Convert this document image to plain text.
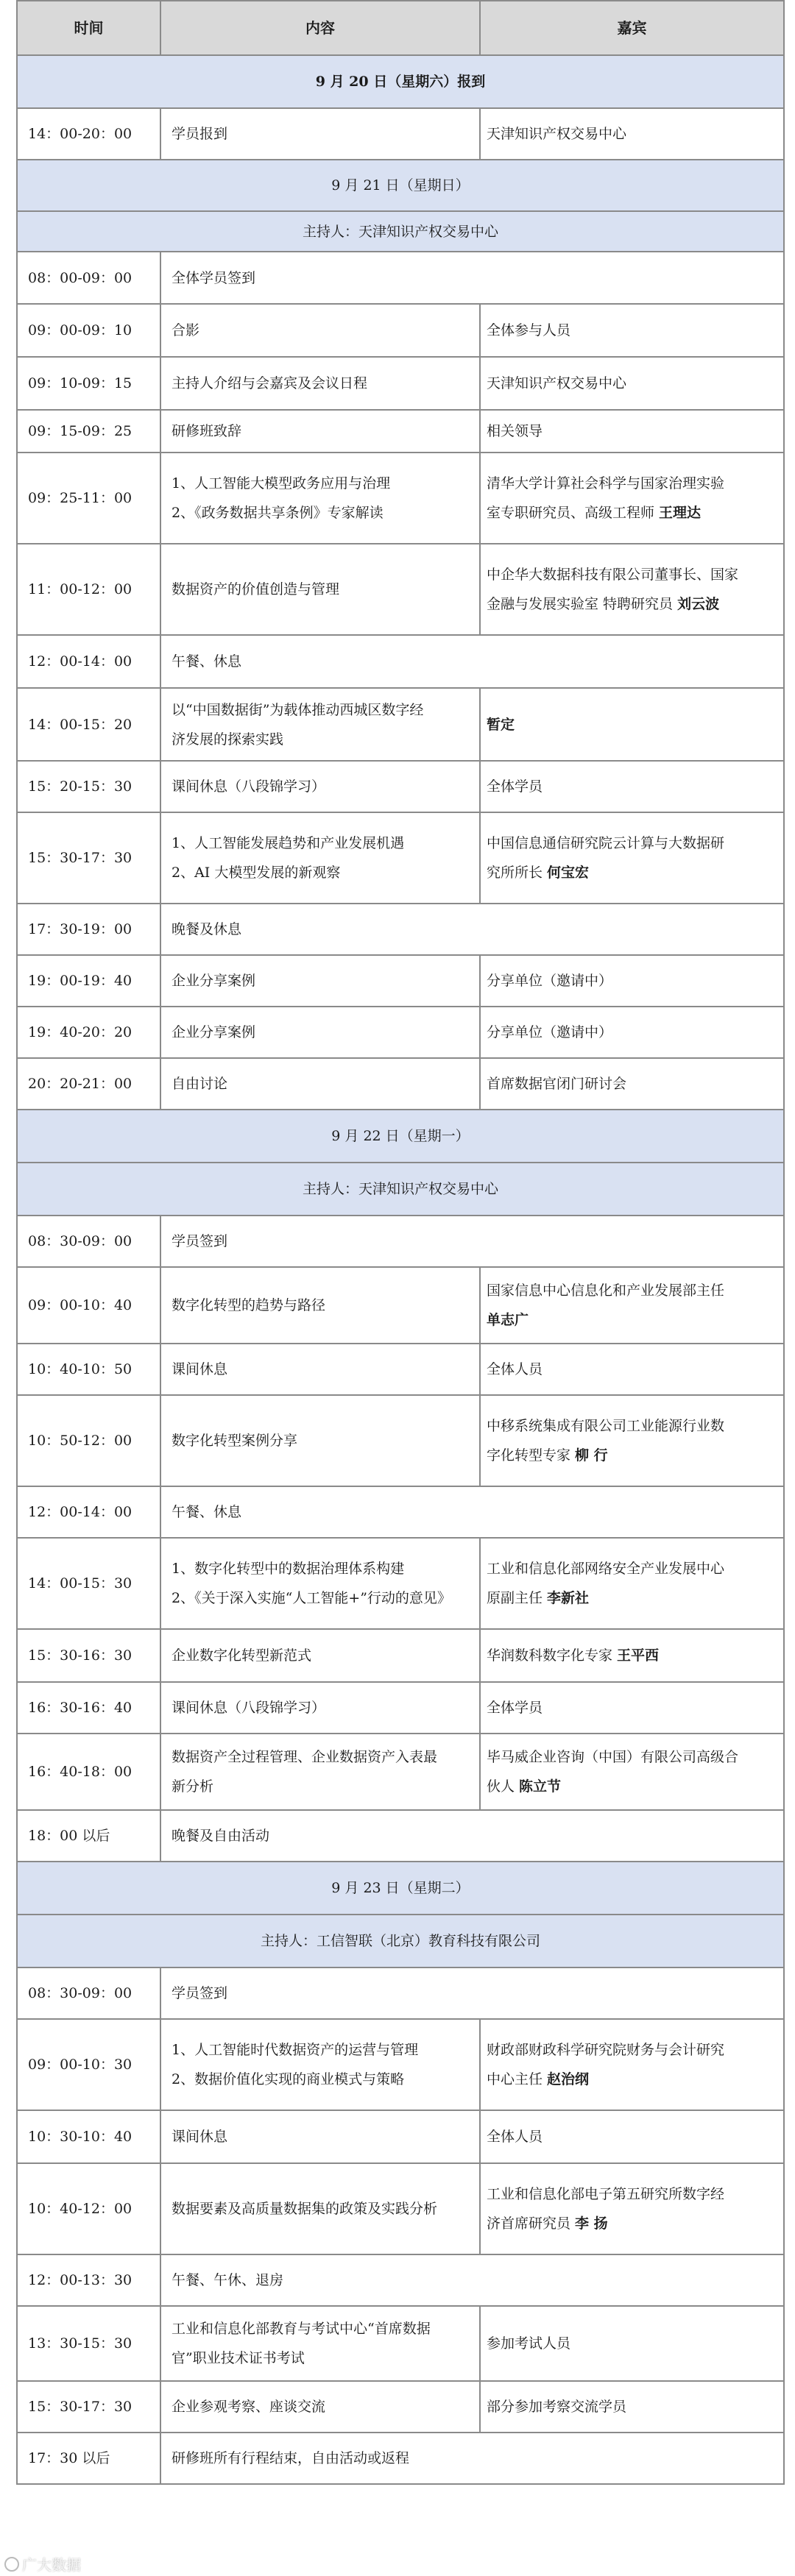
时间	内容	嘉宾
9 月 20 日（星期六）报到		
14：00-20：00	学员报到	天津知识产权交易中心

9 月 21 日（星期日）		
主持人：天津知识产权交易中心		
08：00-09：00	全体学员签到	

09：00-09：10	合影	全体参与人员

09：10-09：15	主持人介绍与会嘉宾及会议日程	天津知识产权交易中心

09：15-09：25	研修班致辞	相关领导

09：25-11：00	1、人工智能大模型政务应用与治理
2、《政务数据共享条例》专家解读	清华大学计算社会科学与国家治理实验
室专职研究员、高级工程师 王理达

11：00-12：00	数据资产的价值创造与管理	中企华大数据科技有限公司董事长、国家
金融与发展实验室 特聘研究员 刘云波

12：00-14：00	午餐、休息	

14：00-15：20	以“中国数据街”为载体推动西城区数字经
济发展的探索实践	暂定

15：20-15：30	课间休息（八段锦学习）	全体学员

15：30-17：30	1、人工智能发展趋势和产业发展机遇
2、AI 大模型发展的新观察	中国信息通信研究院云计算与大数据研
究所所长 何宝宏

17：30-19：00	晚餐及休息	

19：00-19：40	企业分享案例	分享单位（邀请中）

19：40-20：20	企业分享案例	分享单位（邀请中）

20：20-21：00	自由讨论	首席数据官闭门研讨会

9 月 22 日（星期一）		
主持人：天津知识产权交易中心		
08：30-09：00	学员签到	

09：00-10：40	数字化转型的趋势与路径	国家信息中心信息化和产业发展部主任
单志广

10：40-10：50	课间休息	全体人员

10：50-12：00	数字化转型案例分享	中移系统集成有限公司工业能源行业数
字化转型专家 柳 行

12：00-14：00	午餐、休息	

14：00-15：30	1、数字化转型中的数据治理体系构建
2、《关于深入实施“人工智能+”行动的意见》	工业和信息化部网络安全产业发展中心
原副主任 李新社

15：30-16：30	企业数字化转型新范式	华润数科数字化专家 王平西

16：30-16：40	课间休息（八段锦学习）	全体学员

16：40-18：00	数据资产全过程管理、企业数据资产入表最
新分析	毕马威企业咨询（中国）有限公司高级合
伙人 陈立节

18：00 以后	晚餐及自由活动	

9 月 23 日（星期二）		
主持人：工信智联（北京）教育科技有限公司		
08：30-09：00	学员签到	

09：00-10：30	1、人工智能时代数据资产的运营与管理
2、数据价值化实现的商业模式与策略	财政部财政科学研究院财务与会计研究
中心主任 赵治纲

10：30-10：40	课间休息	全体人员

10：40-12：00	数据要素及高质量数据集的政策及实践分析	工业和信息化部电子第五研究所数字经
济首席研究员 李 扬

12：00-13：30	午餐、午休、退房	

13：30-15：30	工业和信息化部教育与考试中心“首席数据
官”职业技术证书考试	参加考试人员

15：30-17：30	企业参观考察、座谈交流	部分参加考察交流学员

17：30 以后	研修班所有行程结束，自由活动或返程	
广大数据
